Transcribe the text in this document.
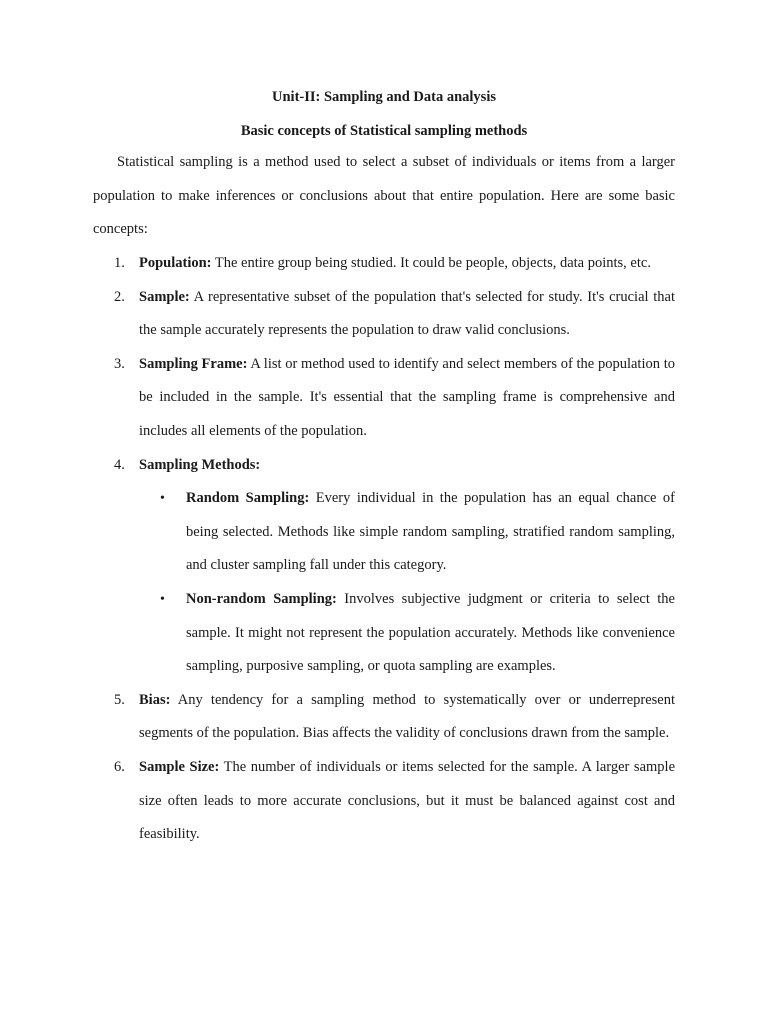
Unit-II: Sampling and Data analysis
Basic concepts of Statistical sampling methods

Statistical sampling is a method used to select a subset of individuals or items from a larger population to make inferences or conclusions about that entire population. Here are some basic concepts:

1. Population: The entire group being studied. It could be people, objects, data points, etc.

2. Sample: A representative subset of the population that's selected for study. It's crucial that the sample accurately represents the population to draw valid conclusions.

3. Sampling Frame: A list or method used to identify and select members of the population to be included in the sample. It's essential that the sampling frame is comprehensive and includes all elements of the population.

4. Sampling Methods:

• Random Sampling: Every individual in the population has an equal chance of being selected. Methods like simple random sampling, stratified random sampling, and cluster sampling fall under this category.

• Non-random Sampling: Involves subjective judgment or criteria to select the sample. It might not represent the population accurately. Methods like convenience sampling, purposive sampling, or quota sampling are examples.

5. Bias: Any tendency for a sampling method to systematically over or underrepresent segments of the population. Bias affects the validity of conclusions drawn from the sample.

6. Sample Size: The number of individuals or items selected for the sample. A larger sample size often leads to more accurate conclusions, but it must be balanced against cost and feasibility.
